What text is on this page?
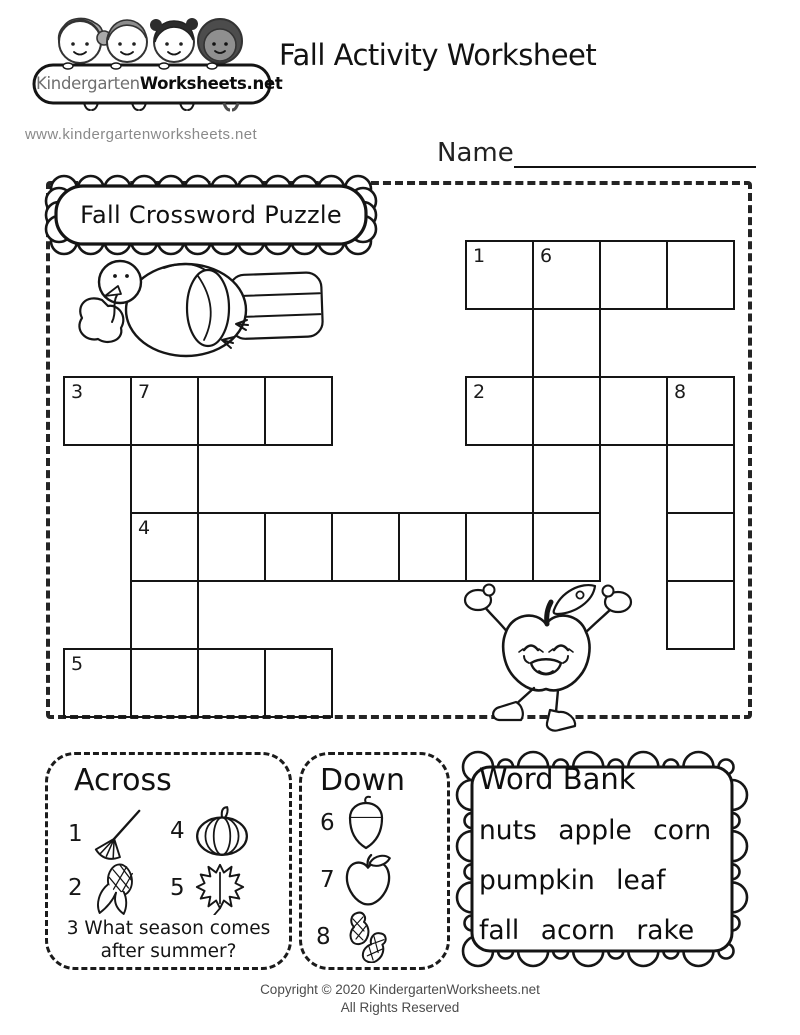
KindergartenWorksheets.net
www.kindergartenworksheets.net
Fall Activity Worksheet
Name
1	6
3	7	2	8
4
5
Fall Crossword Puzzle
Across
1	4
2	5
3 What season comes after summer?
Down
6
7
8
Word Bank
nuts apple corn
pumpkin leaf
fall acorn rake
Copyright © 2020 KindergartenWorksheets.net
All Rights Reserved
